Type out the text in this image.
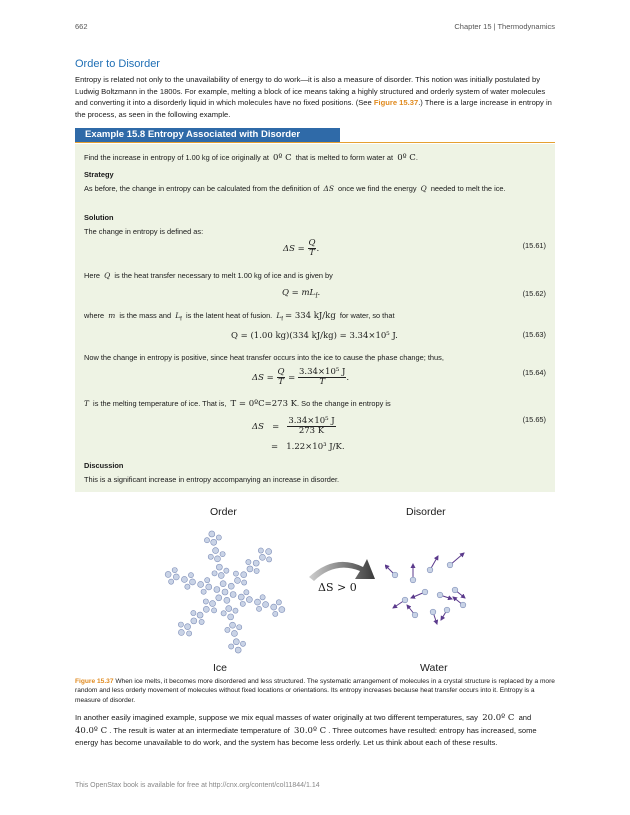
662	Chapter 15 | Thermodynamics
Order to Disorder
Entropy is related not only to the unavailability of energy to do work—it is also a measure of disorder. This notion was initially postulated by Ludwig Boltzmann in the 1800s. For example, melting a block of ice means taking a highly structured and orderly system of water molecules and converting it into a disorderly liquid in which molecules have no fixed positions. (See Figure 15.37.) There is a large increase in entropy in the process, as seen in the following example.
Example 15.8 Entropy Associated with Disorder
Find the increase in entropy of 1.00 kg of ice originally at 0º C that is melted to form water at 0º C.
Strategy
As before, the change in entropy can be calculated from the definition of ΔS once we find the energy Q needed to melt the ice.
Solution
The change in entropy is defined as:
$\Delta S = \frac{Q}{T}$ .	(15.61)
Here Q is the heat transfer necessary to melt 1.00 kg of ice and is given by
$Q = mL_f$.	(15.62)
where m is the mass and $L_f$ is the latent heat of fusion. $L_f = 334$ kJ/kg for water, so that
Q = (1.00 kg)(334 kJ/kg) = 3.34×10⁵ J.	(15.63)
Now the change in entropy is positive, since heat transfer occurs into the ice to cause the phase change; thus,
$\Delta S = \frac{Q}{T} = \frac{\text{3.34×10⁵ J}}{T}$ .
(15.64)
T is the melting temperature of ice. That is, T = 0ºC=273 K. So the change in entropy is
$\Delta S = \frac{\text{3.34×10⁵ J}}{273 K}$
=   1.22×10³ J/K.
(15.65)
Discussion
This is a significant increase in entropy accompanying an increase in disorder.
Order	Disorder
Ice	Water
ΔS > 0
Figure 15.37 When ice melts, it becomes more disordered and less structured. The systematic arrangement of molecules in a crystal structure is replaced by a more random and less orderly movement of molecules without fixed locations or orientations. Its entropy increases because heat transfer occurs into it. Entropy is a measure of disorder.
In another easily imagined example, suppose we mix equal masses of water originally at two different temperatures, say 20.0º C and  40.0º C . The result is water at an intermediate temperature of 30.0º C . Three outcomes have resulted: entropy has increased, some energy has become unavailable to do work, and the system has become less orderly. Let us think about each of these results.
This OpenStax book is available for free at http://cnx.org/content/col11844/1.14
